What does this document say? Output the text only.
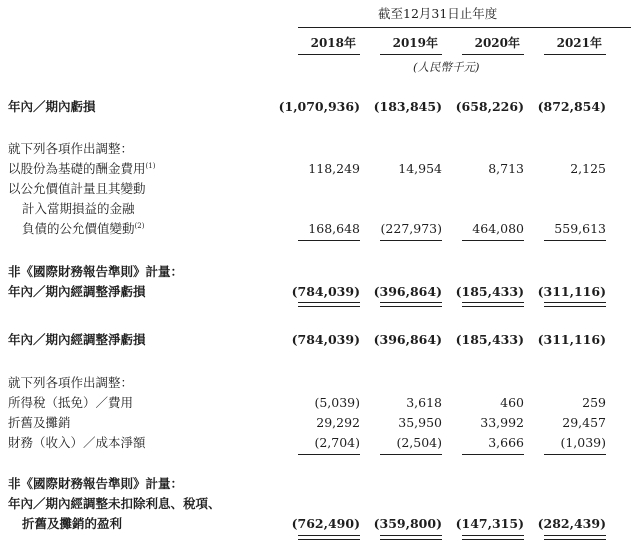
截至12月31日止年度
2018年	2019年	2020年	2021年
(人民幣千元)
年內／期內虧損	(1,070,936)	(183,845)	(658,226)	(872,854)
就下列各項作出調整：
以股份為基礎的酬金費用$^{(1)}$	118,249	14,954	8,713	2,125
以公允價值計量且其變動
計入當期損益的金融
負債的公允價值變動$^{(2)}$	168,648	(227,973)	464,080	559,613
非《國際財務報告準則》計量：
年內／期內經調整淨虧損	(784,039)	(396,864)	(185,433)	(311,116)
年內／期內經調整淨虧損	(784,039)	(396,864)	(185,433)	(311,116)
就下列各項作出調整：
所得稅（抵免）／費用	(5,039)	3,618	460	259
折舊及攤銷	29,292	35,950	33,992	29,457
財務（收入）／成本淨額	(2,704)	(2,504)	3,666	(1,039)
非《國際財務報告準則》計量：
年內／期內經調整未扣除利息、稅項、
折舊及攤銷的盈利	(762,490)	(359,800)	(147,315)	(282,439)
